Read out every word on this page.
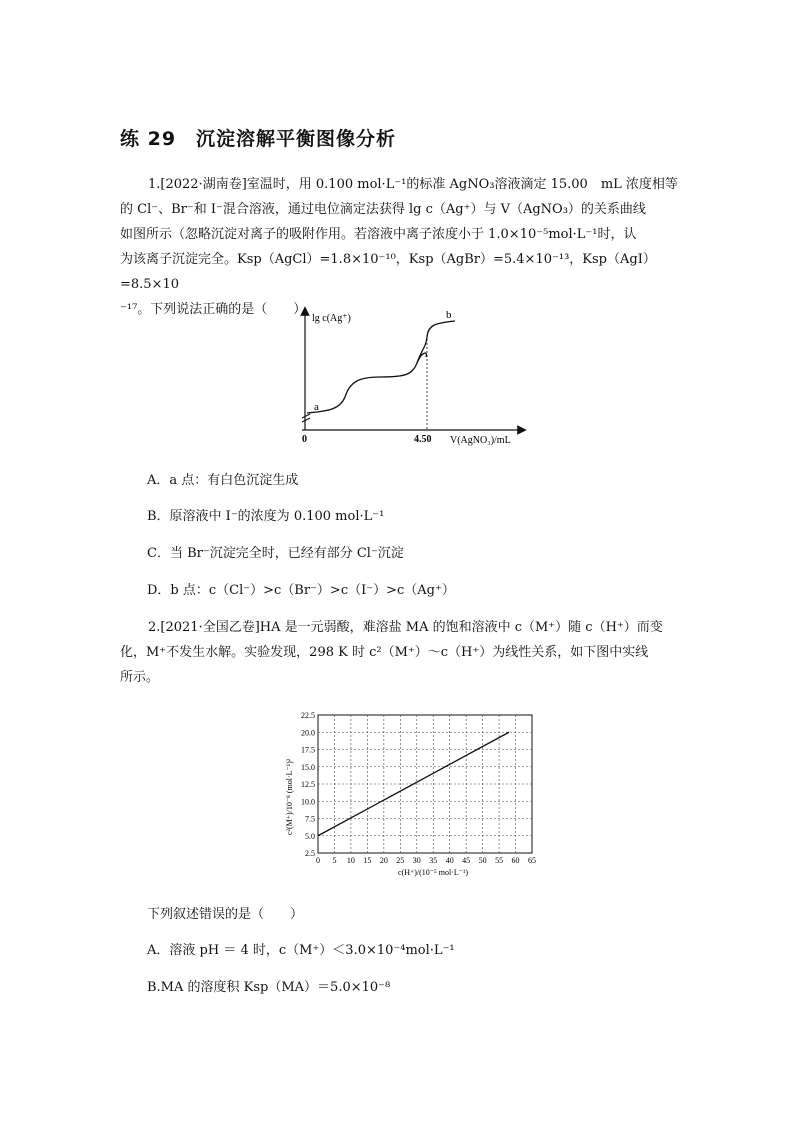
练 29　沉淀溶解平衡图像分析

1.[2022·湖南卷]室温时，用 0.100 mol·L⁻¹的标准 AgNO₃溶液滴定 15.00　mL 浓度相等

的 Cl⁻、Br⁻和 I⁻混合溶液，通过电位滴定法获得 lg c（Ag⁺）与 V（AgNO₃）的关系曲线

如图所示（忽略沉淀对离子的吸附作用。若溶液中离子浓度小于 1.0×10⁻⁵mol·L⁻¹时，认

为该离子沉淀完全。Ksp（AgCl）=1.8×10⁻¹⁰，Ksp（AgBr）=5.4×10⁻¹³，Ksp（AgI）=8.5×10

⁻¹⁷。下列说法正确的是（　　）

lg c(Ag⁺)
V(AgNO₃)/mL
0	4.50
a
b
A．a 点：有白色沉淀生成
B．原溶液中 I⁻的浓度为 0.100 mol·L⁻¹
C．当 Br⁻沉淀完全时，已经有部分 Cl⁻沉淀
D．b 点：c（Cl⁻）>c（Br⁻）>c（I⁻）>c（Ag⁺）

2.[2021·全国乙卷]HA 是一元弱酸，难溶盐 MA 的饱和溶液中 c（M⁺）随 c（H⁺）而变

化，M⁺不发生水解。实验发现，298 K 时 c²（M⁺）～c（H⁺）为线性关系，如下图中实线

所示。

c²(M⁺)/10⁻⁸ (mol·L⁻¹)²
c(H⁺)/(10⁻⁵ mol·L⁻¹)
0 5 10 15 20 25 30 35 40 45 50 55 60 65
2.5
5.0
7.5
10.0
12.5
15.0
17.5
20.0
22.5
下列叙述错误的是（　　）
A．溶液 pH ＝ 4 时，c（M⁺）＜3.0×10⁻⁴mol·L⁻¹
B.MA 的溶度积 Ksp（MA）＝5.0×10⁻⁸
